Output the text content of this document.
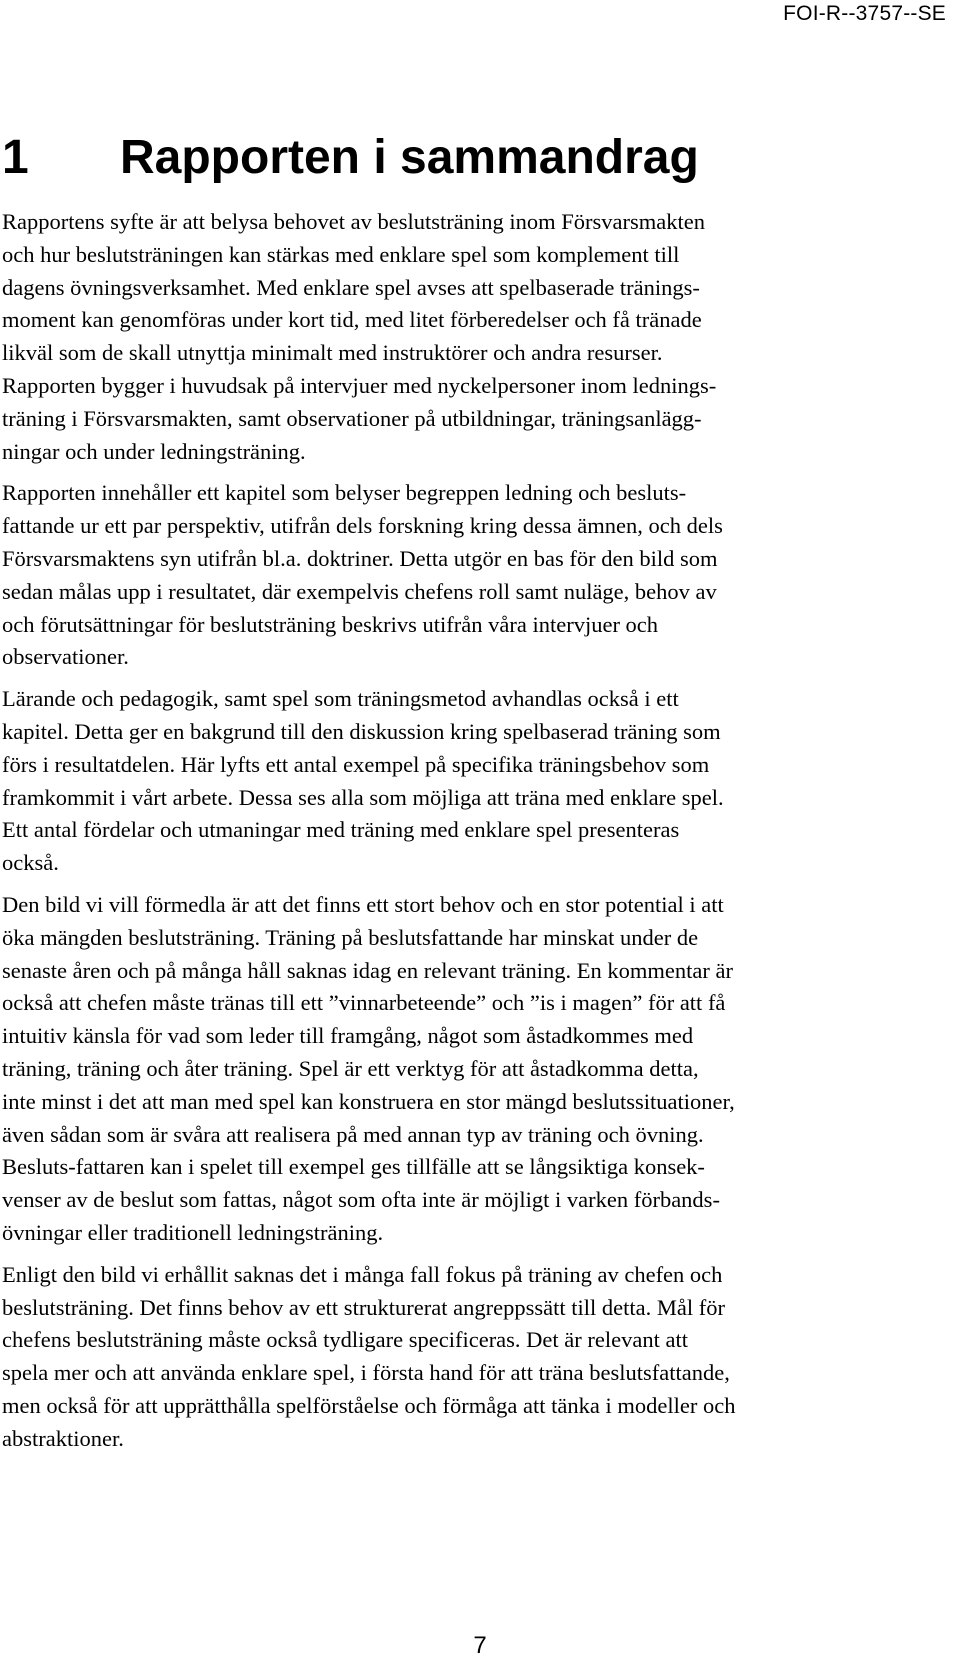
FOI-R--3757--SE
1 Rapporten i sammandrag

Rapportens syfte är att belysa behovet av beslutsträning inom Försvarsmakten
och hur beslutsträningen kan stärkas med enklare spel som komplement till
dagens övningsverksamhet. Med enklare spel avses att spelbaserade tränings-
moment kan genomföras under kort tid, med litet förberedelser och få tränade
likväl som de skall utnyttja minimalt med instruktörer och andra resurser.
Rapporten bygger i huvudsak på intervjuer med nyckelpersoner inom lednings-
träning i Försvarsmakten, samt observationer på utbildningar, träningsanlägg-
ningar och under ledningsträning.

Rapporten innehåller ett kapitel som belyser begreppen ledning och besluts-
fattande ur ett par perspektiv, utifrån dels forskning kring dessa ämnen, och dels
Försvarsmaktens syn utifrån bl.a. doktriner. Detta utgör en bas för den bild som
sedan målas upp i resultatet, där exempelvis chefens roll samt nuläge, behov av
och förutsättningar för beslutsträning beskrivs utifrån våra intervjuer och
observationer.

Lärande och pedagogik, samt spel som träningsmetod avhandlas också i ett
kapitel. Detta ger en bakgrund till den diskussion kring spelbaserad träning som
förs i resultatdelen. Här lyfts ett antal exempel på specifika träningsbehov som
framkommit i vårt arbete. Dessa ses alla som möjliga att träna med enklare spel.
Ett antal fördelar och utmaningar med träning med enklare spel presenteras
också.

Den bild vi vill förmedla är att det finns ett stort behov och en stor potential i att
öka mängden beslutsträning. Träning på beslutsfattande har minskat under de
senaste åren och på många håll saknas idag en relevant träning. En kommentar är
också att chefen måste tränas till ett ”vinnarbeteende” och ”is i magen” för att få
intuitiv känsla för vad som leder till framgång, något som åstadkommes med
träning, träning och åter träning. Spel är ett verktyg för att åstadkomma detta,
inte minst i det att man med spel kan konstruera en stor mängd beslutssituationer,
även sådan som är svåra att realisera på med annan typ av träning och övning.
Besluts-fattaren kan i spelet till exempel ges tillfälle att se långsiktiga konsek-
venser av de beslut som fattas, något som ofta inte är möjligt i varken förbands-
övningar eller traditionell ledningsträning.

Enligt den bild vi erhållit saknas det i många fall fokus på träning av chefen och
beslutsträning. Det finns behov av ett strukturerat angreppssätt till detta. Mål för
chefens beslutsträning måste också tydligare specificeras. Det är relevant att
spela mer och att använda enklare spel, i första hand för att träna beslutsfattande,
men också för att upprätthålla spelförståelse och förmåga att tänka i modeller och
abstraktioner.

7
